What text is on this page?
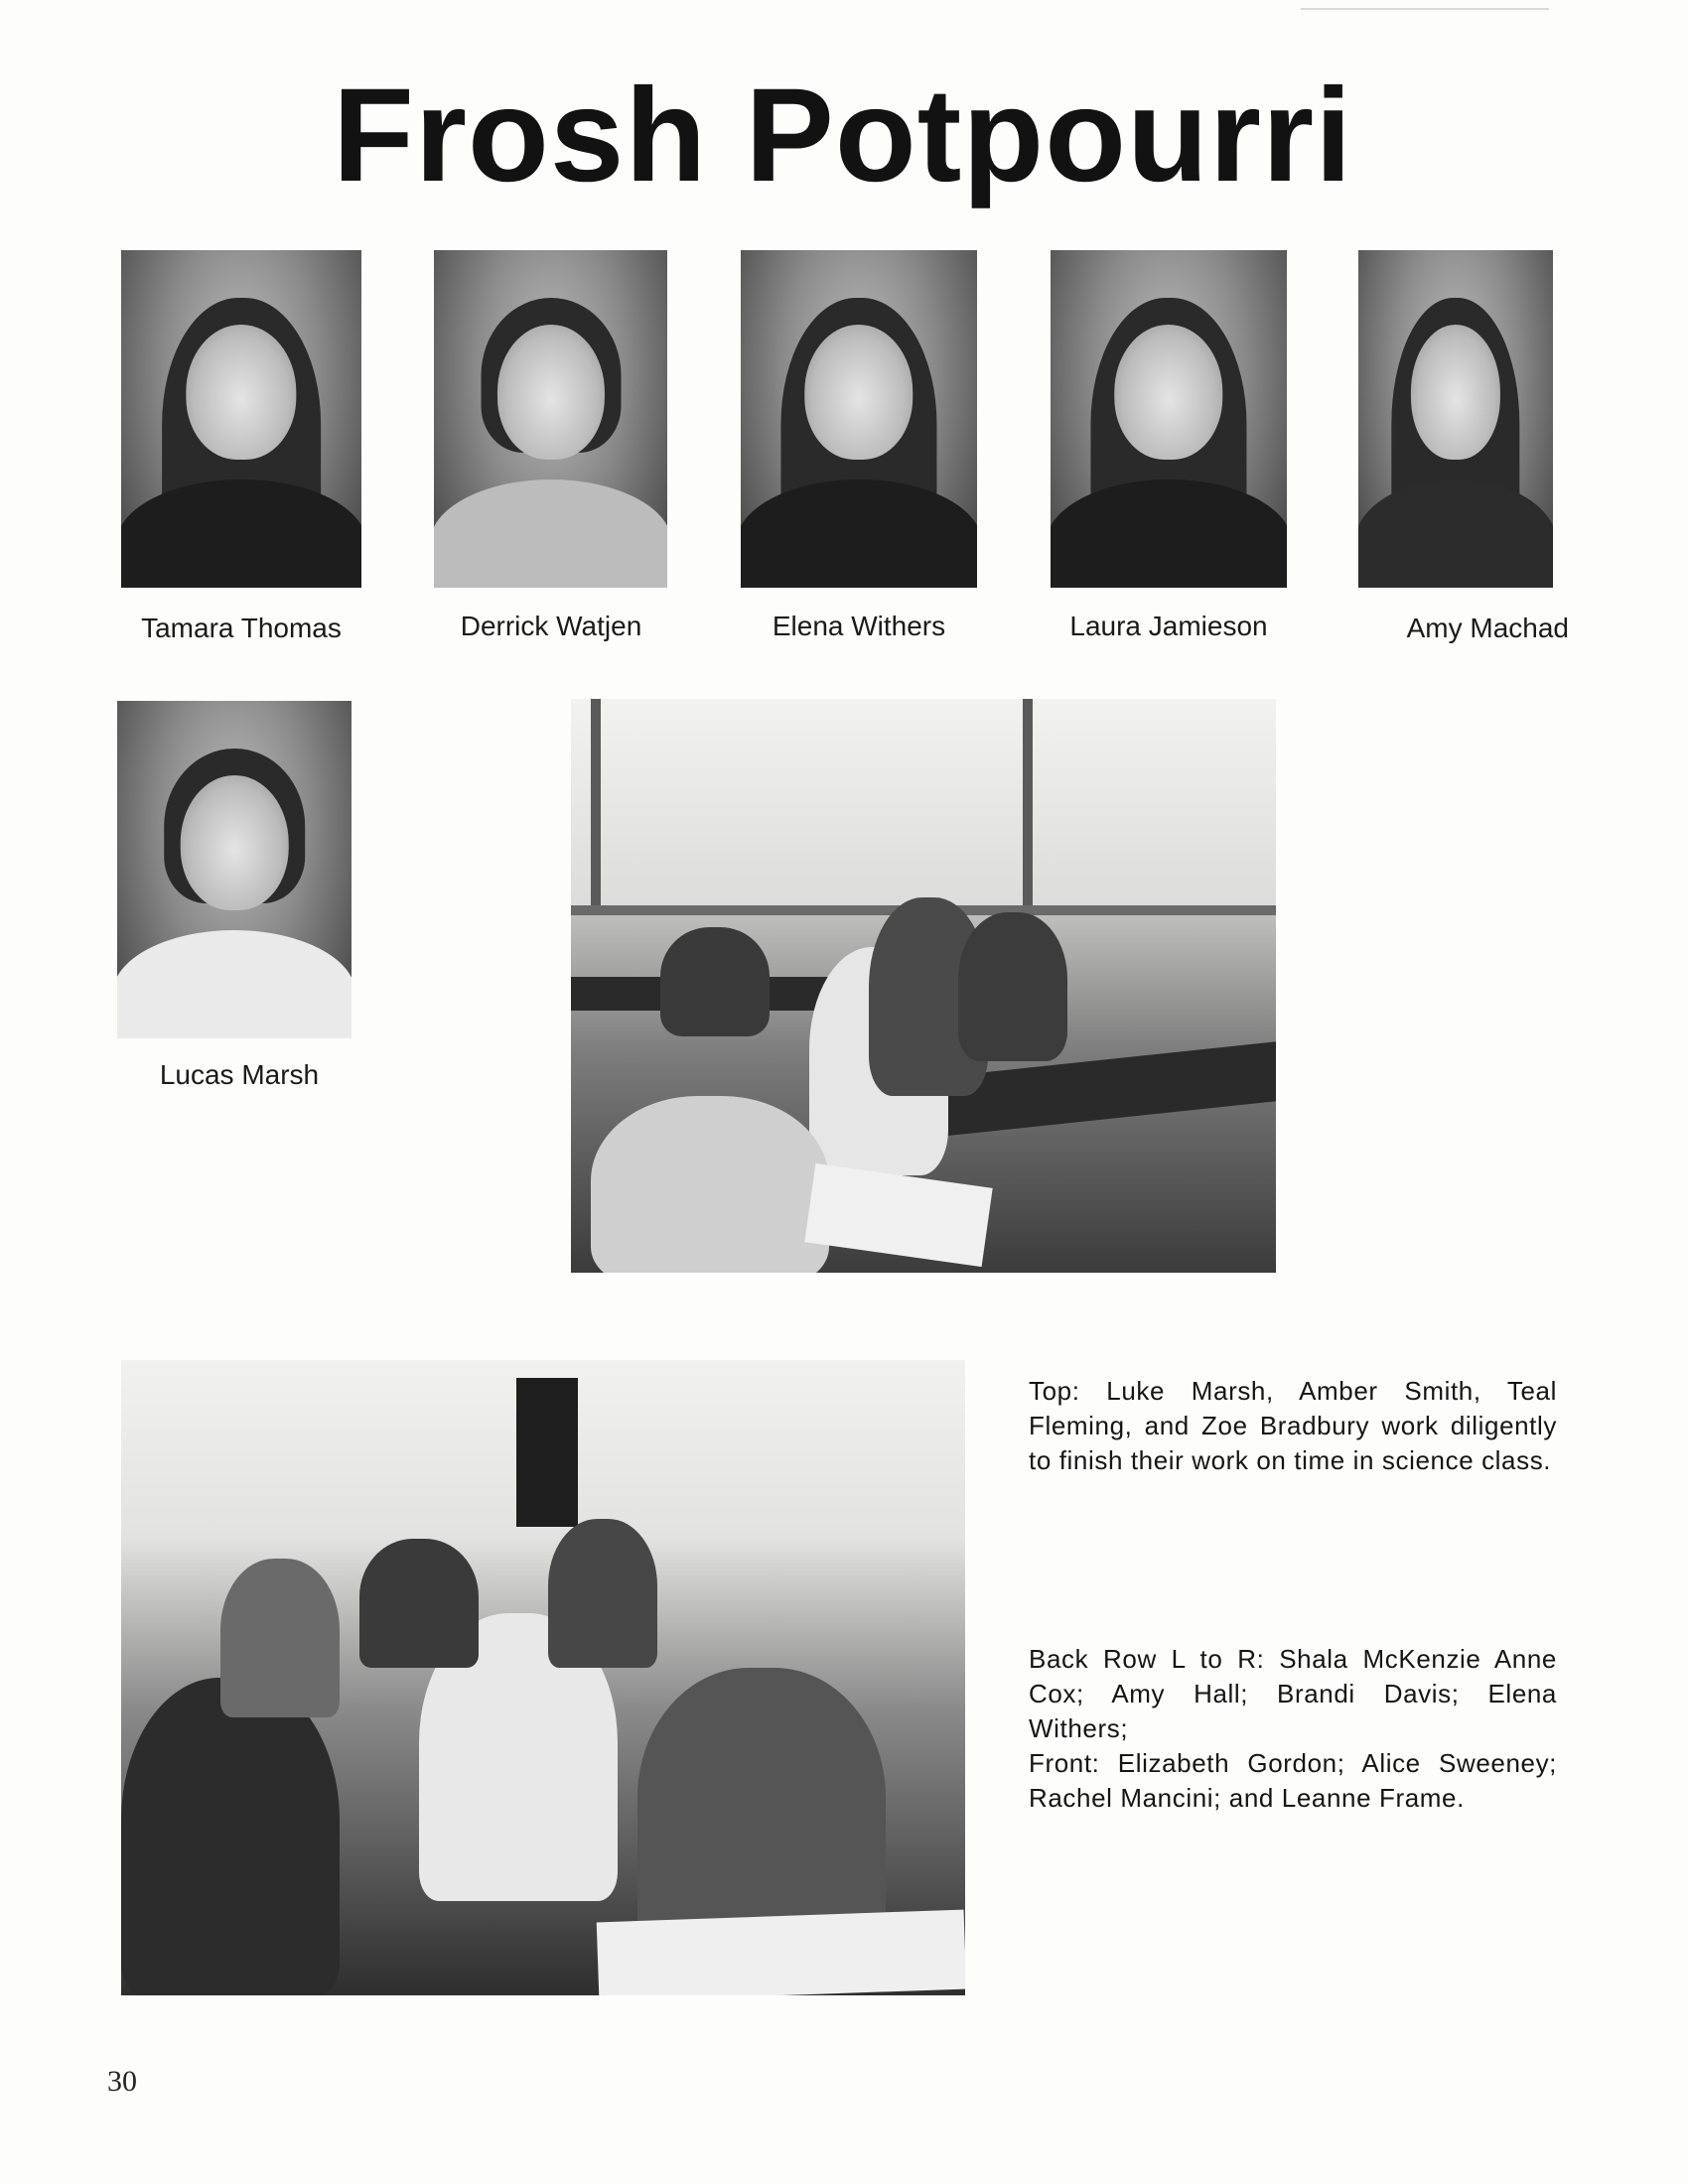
Frosh Potpourri
Tamara Thomas	Derrick Watjen	Elena Withers	Laura Jamieson	Amy Machad
Lucas Marsh

Top: Luke Marsh, Amber Smith, Teal Fleming, and Zoe Bradbury work diligently to finish their work on time in science class.

Back Row L to R: Shala McKenzie Anne Cox; Amy Hall; Brandi Davis; Elena Withers;

Front: Elizabeth Gordon; Alice Sweeney; Rachel Mancini; and Leanne Frame.

30
